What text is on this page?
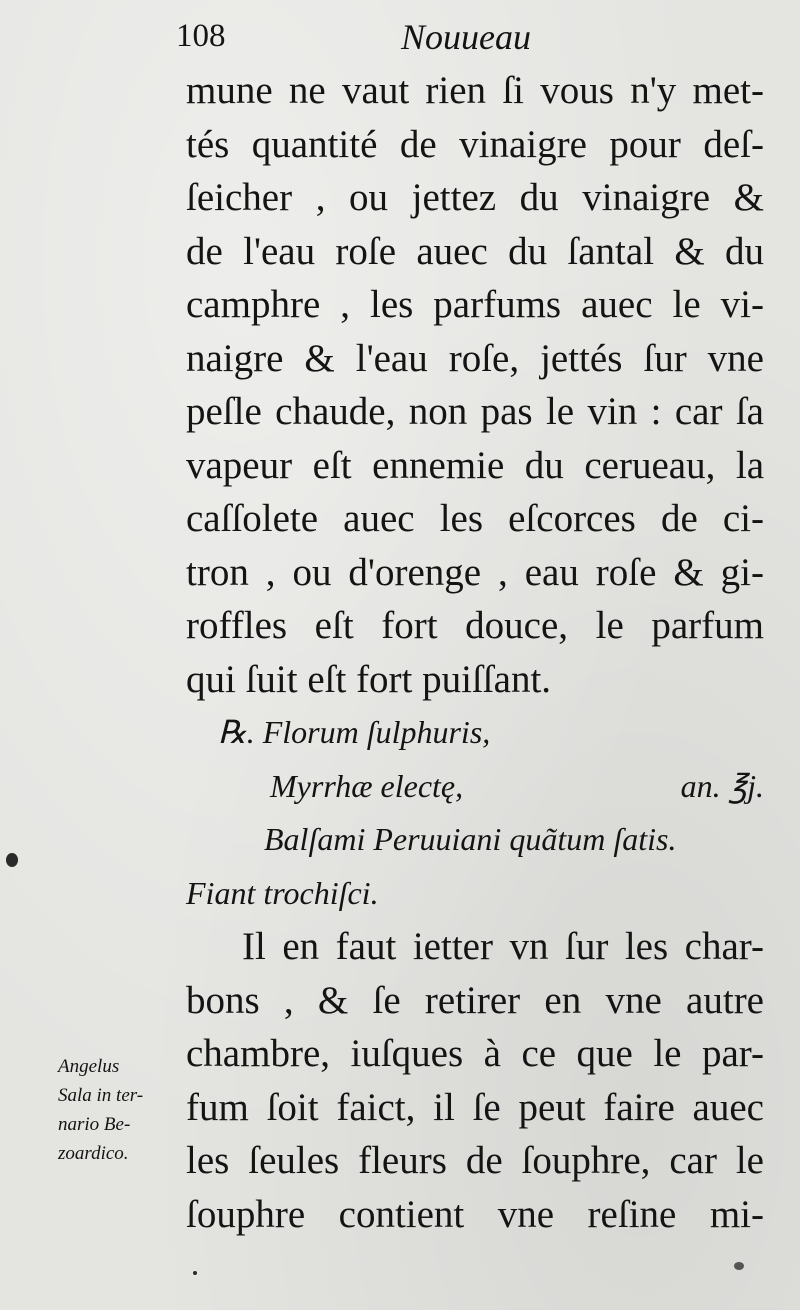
108	Nouueau
mune ne vaut rien ſi vous n'y met-
tés quantité de vinaigre pour deſ-
ſeicher , ou jettez du vinaigre &
de l'eau roſe auec du ſantal & du
camphre , les parfums auec le vi-
naigre & l'eau roſe, jettés ſur vne
peſle chaude, non pas le vin : car ſa
vapeur eſt ennemie du cerueau, la
caſſolete auec les eſcorces de ci-
tron , ou d'orenge , eau roſe & gi-
roffles eſt fort douce, le parfum
qui ſuit eſt fort puiſſant.
℞. Florum ſulphuris,
Myrrhæ electę,	an. ℥j.
Balſami Peruuiani quãtum ſatis.
Fiant trochiſci.
Il en faut ietter vn ſur les char-
bons , & ſe retirer en vne autre
chambre, iuſques à ce que le par-
fum ſoit faict, il ſe peut faire auec
les ſeules fleurs de ſouphre, car le
ſouphre contient vne reſine mi-
Angelus
Sala in ter-
nario Be-
zoardico.
